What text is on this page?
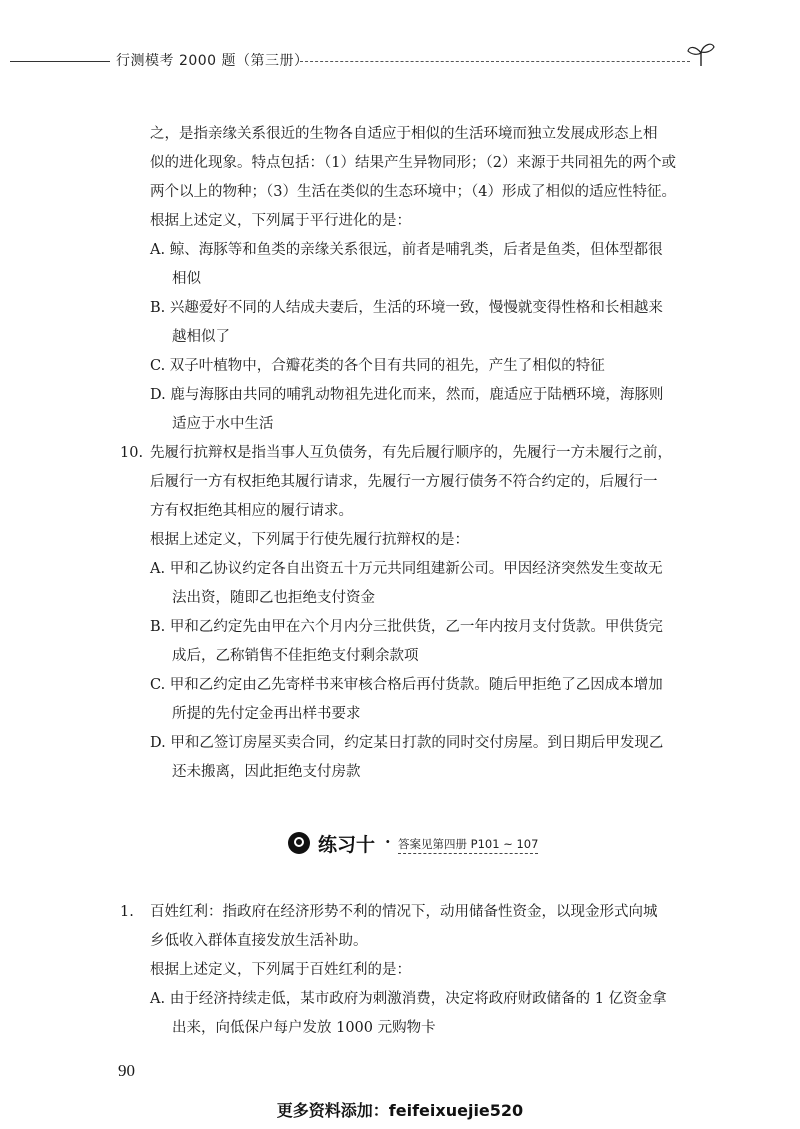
行测模考 2000 题（第三册）
之，是指亲缘关系很近的生物各自适应于相似的生活环境而独立发展成形态上相
似的进化现象。特点包括：（1）结果产生异物同形；（2）来源于共同祖先的两个或
两个以上的物种；（3）生活在类似的生态环境中；（4）形成了相似的适应性特征。
根据上述定义，下列属于平行进化的是：
A. 鲸、海豚等和鱼类的亲缘关系很远，前者是哺乳类，后者是鱼类，但体型都很
相似
B. 兴趣爱好不同的人结成夫妻后，生活的环境一致，慢慢就变得性格和长相越来
越相似了
C. 双子叶植物中，合瓣花类的各个目有共同的祖先，产生了相似的特征
D. 鹿与海豚由共同的哺乳动物祖先进化而来，然而，鹿适应于陆栖环境，海豚则
适应于水中生活
10. 先履行抗辩权是指当事人互负债务，有先后履行顺序的，先履行一方未履行之前，
后履行一方有权拒绝其履行请求，先履行一方履行债务不符合约定的，后履行一
方有权拒绝其相应的履行请求。
根据上述定义，下列属于行使先履行抗辩权的是：
A. 甲和乙协议约定各自出资五十万元共同组建新公司。甲因经济突然发生变故无
法出资，随即乙也拒绝支付资金
B. 甲和乙约定先由甲在六个月内分三批供货，乙一年内按月支付货款。甲供货完
成后，乙称销售不佳拒绝支付剩余款项
C. 甲和乙约定由乙先寄样书来审核合格后再付货款。随后甲拒绝了乙因成本增加
所提的先付定金再出样书要求
D. 甲和乙签订房屋买卖合同，约定某日打款的同时交付房屋。到日期后甲发现乙
还未搬离，因此拒绝支付房款
练习十 · 答案见第四册 P101 ~ 107
1. 百姓红利：指政府在经济形势不利的情况下，动用储备性资金，以现金形式向城
乡低收入群体直接发放生活补助。
根据上述定义，下列属于百姓红利的是：
A. 由于经济持续走低，某市政府为刺激消费，决定将政府财政储备的 1 亿资金拿
出来，向低保户每户发放 1000 元购物卡
90
更多资料添加：feifeixuejie520
